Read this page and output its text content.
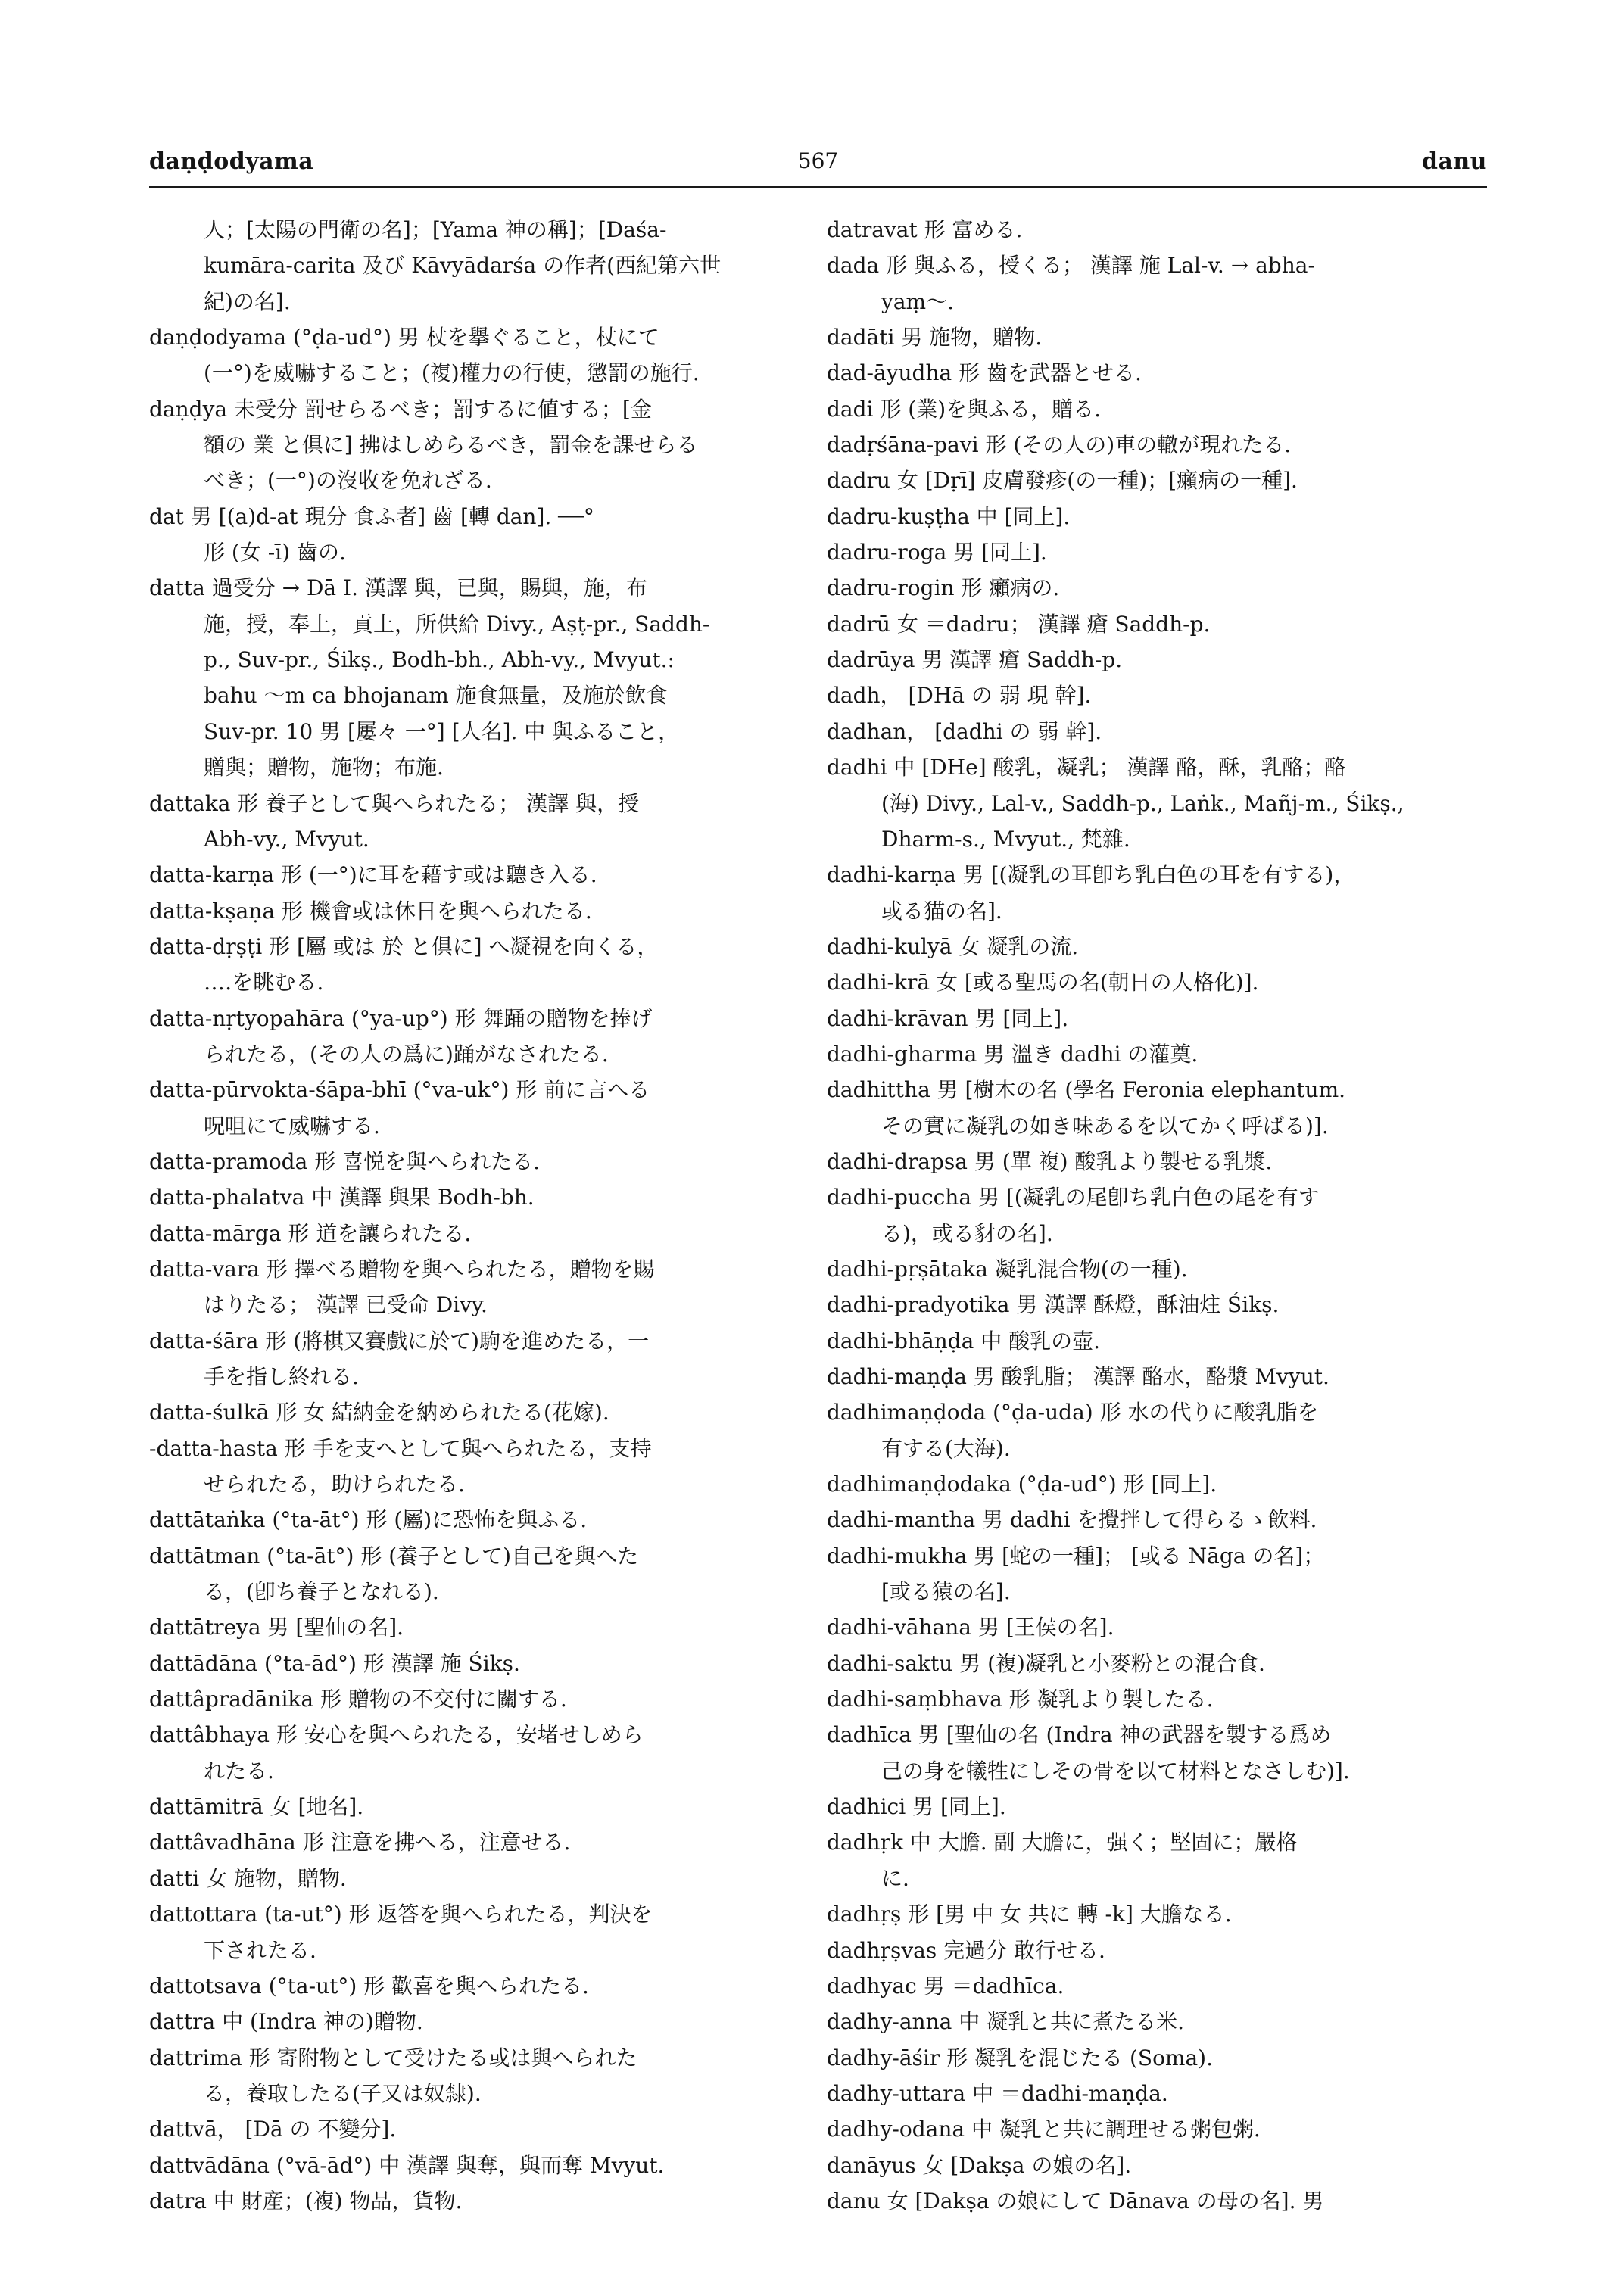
daṇḍodyama	567	danu
人；[太陽の門衛の名]；[Yama 神の稱]；[Daśa-
kumāra-carita 及び Kāvyādarśa の作者(西紀第六世
紀)の名].
daṇḍodyama (°ḍa-ud°) 男 杖を擧ぐること，杖にて
(一°)を威嚇すること；(複)權力の行使，懲罰の施行.
daṇḍya 未受分 罰せらるべき；罰するに値する；[金
額の 業 と倶に] 拂はしめらるべき，罰金を課せらる
べき；(一°)の沒收を免れざる.
dat 男 [(a)d-at 現分 食ふ者] 齒 [轉 dan]. ──°
形 (女 -ī) 齒の.
datta 過受分 → Dā I. 漢譯 與，已與，賜與，施，布
施，授，奉上，貢上，所供給 Divy., Aṣṭ-pr., Saddh-
p., Suv-pr., Śikṣ., Bodh-bh., Abh-vy., Mvyut.:
bahu ～m ca bhojanam 施食無量，及施於飲食
Suv-pr. 10 男 [屢々 一°] [人名]. 中 與ふること，
贈與；贈物，施物；布施.
dattaka 形 養子として與へられたる； 漢譯 與，授
Abh-vy., Mvyut.
datta-karṇa 形 (一°)に耳を藉す或は聽き入る.
datta-kṣaṇa 形 機會或は休日を與へられたる.
datta-dṛṣṭi 形 [屬 或は 於 と倶に] へ凝視を向くる，
‥‥を眺むる.
datta-nṛtyopahāra (°ya-up°) 形 舞踊の贈物を捧げ
られたる，(その人の爲に)踊がなされたる.
datta-pūrvokta-śāpa-bhī (°va-uk°) 形 前に言へる
呪咀にて威嚇する.
datta-pramoda 形 喜悦を與へられたる.
datta-phalatva 中 漢譯 與果 Bodh-bh.
datta-mārga 形 道を讓られたる.
datta-vara 形 擇べる贈物を與へられたる，贈物を賜
はりたる； 漢譯 已受命 Divy.
datta-śāra 形 (將棋又賽戲に於て)駒を進めたる，一
手を指し終れる.
datta-śulkā 形 女 結納金を納められたる(花嫁).
-datta-hasta 形 手を支へとして與へられたる，支持
せられたる，助けられたる.
dattātaṅka (°ta-āt°) 形 (屬)に恐怖を與ふる.
dattātman (°ta-āt°) 形 (養子として)自己を與へた
る，(卽ち養子となれる).
dattātreya 男 [聖仙の名].
dattādāna (°ta-ād°) 形 漢譯 施 Śikṣ.
dattâpradānika 形 贈物の不交付に關する.
dattâbhaya 形 安心を與へられたる，安堵せしめら
れたる.
dattāmitrā 女 [地名].
dattâvadhāna 形 注意を拂へる，注意せる.
datti 女 施物，贈物.
dattottara (ta-ut°) 形 返答を與へられたる，判決を
下されたる.
dattotsava (°ta-ut°) 形 歡喜を與へられたる.
dattra 中 (Indra 神の)贈物.
dattrima 形 寄附物として受けたる或は與へられた
る，養取したる(子又は奴隸).
dattvā， [Dā の 不變分].
dattvādāna (°vā-ād°) 中 漢譯 與奪，與而奪 Mvyut.
datra 中 財産；(複) 物品，貨物.
datravat 形 富める.
dada 形 與ふる，授くる； 漢譯 施 Lal-v. → abha-
yaṃ～.
dadāti 男 施物，贈物.
dad-āyudha 形 齒を武器とせる.
dadi 形 (業)を與ふる，贈る.
dadṛśāna-pavi 形 (その人の)車の轍が現れたる.
dadru 女 [Dṛī] 皮膚發疹(の一種)；[癩病の一種].
dadru-kuṣṭha 中 [同上].
dadru-roga 男 [同上].
dadru-rogin 形 癩病の.
dadrū 女 ＝dadru； 漢譯 瘡 Saddh-p.
dadrūya 男 漢譯 瘡 Saddh-p.
dadh， [DHā の 弱 現 幹].
dadhan， [dadhi の 弱 幹].
dadhi 中 [DHe] 酸乳，凝乳； 漢譯 酪，酥，乳酪；酪
(海) Divy., Lal-v., Saddh-p., Laṅk., Mañj-m., Śikṣ.,
Dharm-s., Mvyut., 梵雜.
dadhi-karṇa 男 [(凝乳の耳卽ち乳白色の耳を有する)，
或る猫の名].
dadhi-kulyā 女 凝乳の流.
dadhi-krā 女 [或る聖馬の名(朝日の人格化)].
dadhi-krāvan 男 [同上].
dadhi-gharma 男 溫き dadhi の灌奠.
dadhittha 男 [樹木の名 (學名 Feronia elephantum.
その實に凝乳の如き味あるを以てかく呼ばる)].
dadhi-drapsa 男 (單 複) 酸乳より製せる乳漿.
dadhi-puccha 男 [(凝乳の尾卽ち乳白色の尾を有す
る)，或る豺の名].
dadhi-pṛṣātaka 凝乳混合物(の一種).
dadhi-pradyotika 男 漢譯 酥燈，酥油炷 Śikṣ.
dadhi-bhāṇḍa 中 酸乳の壺.
dadhi-maṇḍa 男 酸乳脂； 漢譯 酪水，酪漿 Mvyut.
dadhimaṇḍoda (°ḍa-uda) 形 水の代りに酸乳脂を
有する(大海).
dadhimaṇḍodaka (°ḍa-ud°) 形 [同上].
dadhi-mantha 男 dadhi を攪拌して得らるゝ飲料.
dadhi-mukha 男 [蛇の一種]； [或る Nāga の名]；
[或る猿の名].
dadhi-vāhana 男 [王侯の名].
dadhi-saktu 男 (複)凝乳と小麥粉との混合食.
dadhi-saṃbhava 形 凝乳より製したる.
dadhīca 男 [聖仙の名 (Indra 神の武器を製する爲め
己の身を犧牲にしその骨を以て材料となさしむ)].
dadhici 男 [同上].
dadhṛk 中 大膽. 副 大膽に，强く；堅固に；嚴格
に.
dadhṛṣ 形 [男 中 女 共に 轉 -k] 大膽なる.
dadhṛṣvas 完過分 敢行せる.
dadhyac 男 ＝dadhīca.
dadhy-anna 中 凝乳と共に煮たる米.
dadhy-āśir 形 凝乳を混じたる (Soma).
dadhy-uttara 中 ＝dadhi-maṇḍa.
dadhy-odana 中 凝乳と共に調理せる粥包粥.
danāyus 女 [Dakṣa の娘の名].
danu 女 [Dakṣa の娘にして Dānava の母の名]. 男
